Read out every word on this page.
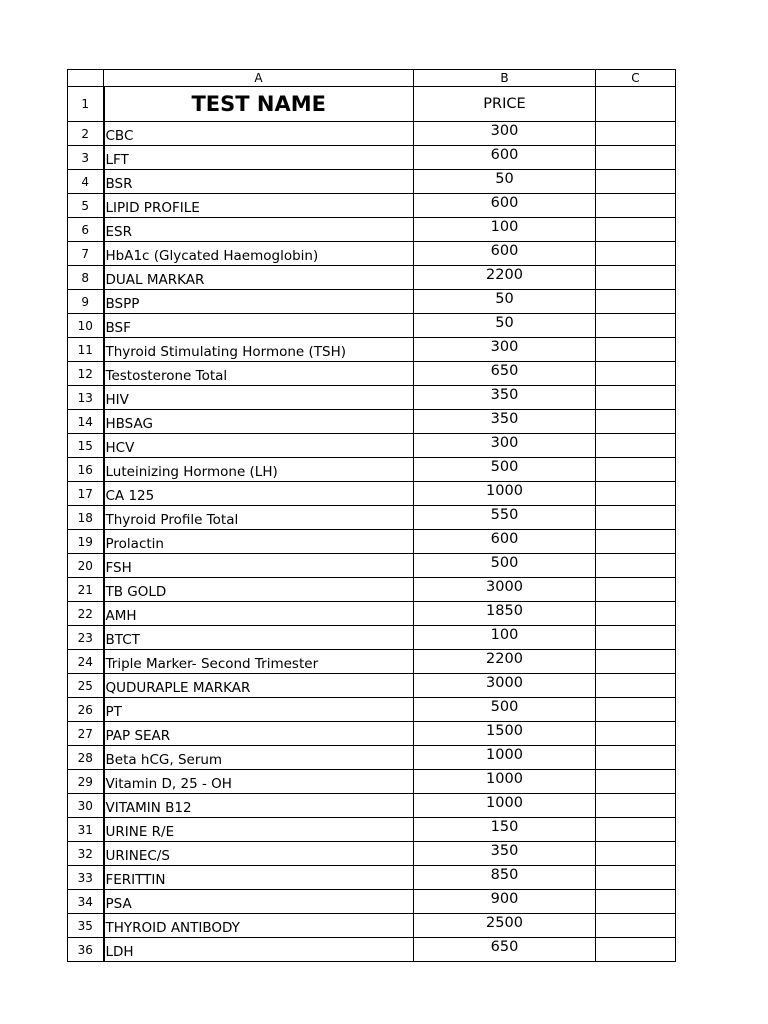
	A	B	C
1	TEST NAME	PRICE	
2	CBC	300	
3	LFT	600	
4	BSR	50	
5	LIPID PROFILE	600	
6	ESR	100	
7	HbA1c (Glycated Haemoglobin)	600	
8	DUAL MARKAR	2200	
9	BSPP	50	
10	BSF	50	
11	Thyroid Stimulating Hormone (TSH)	300	
12	Testosterone Total	650	
13	HIV	350	
14	HBSAG	350	
15	HCV	300	
16	Luteinizing Hormone (LH)	500	
17	CA 125	1000	
18	Thyroid Profile Total	550	
19	Prolactin	600	
20	FSH	500	
21	TB GOLD	3000	
22	AMH	1850	
23	BTCT	100	
24	Triple Marker- Second Trimester	2200	
25	QUDURAPLE MARKAR	3000	
26	PT	500	
27	PAP SEAR	1500	
28	Beta hCG, Serum	1000	
29	Vitamin D, 25 - OH	1000	
30	VITAMIN B12	1000	
31	URINE R/E	150	
32	URINEC/S	350	
33	FERITTIN	850	
34	PSA	900	
35	THYROID ANTIBODY	2500	
36	LDH	650	
